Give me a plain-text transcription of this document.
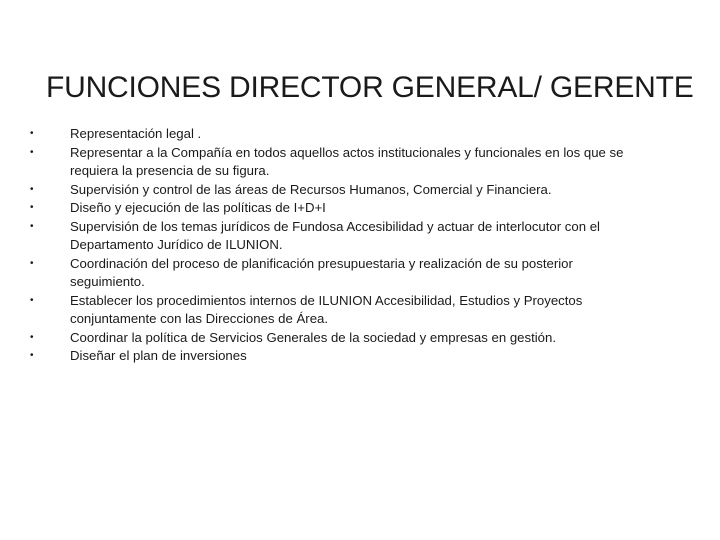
FUNCIONES DIRECTOR GENERAL/ GERENTE
•	Representación legal .
•	Representar a la Compañía en todos aquellos actos institucionales y funcionales en los que se requiera la presencia de su figura.
•	Supervisión y control de las áreas de Recursos Humanos, Comercial y Financiera.
•	Diseño y ejecución de las políticas de I+D+I
•	Supervisión de los temas jurídicos de Fundosa Accesibilidad y actuar de interlocutor con el Departamento Jurídico de ILUNION.
•	Coordinación del proceso de planificación presupuestaria y realización de su posterior seguimiento.
•	Establecer los procedimientos internos de ILUNION Accesibilidad, Estudios y Proyectos conjuntamente con las Direcciones de Área.
•	Coordinar la política de Servicios Generales de la sociedad y empresas en gestión.
•	Diseñar el plan de inversiones
